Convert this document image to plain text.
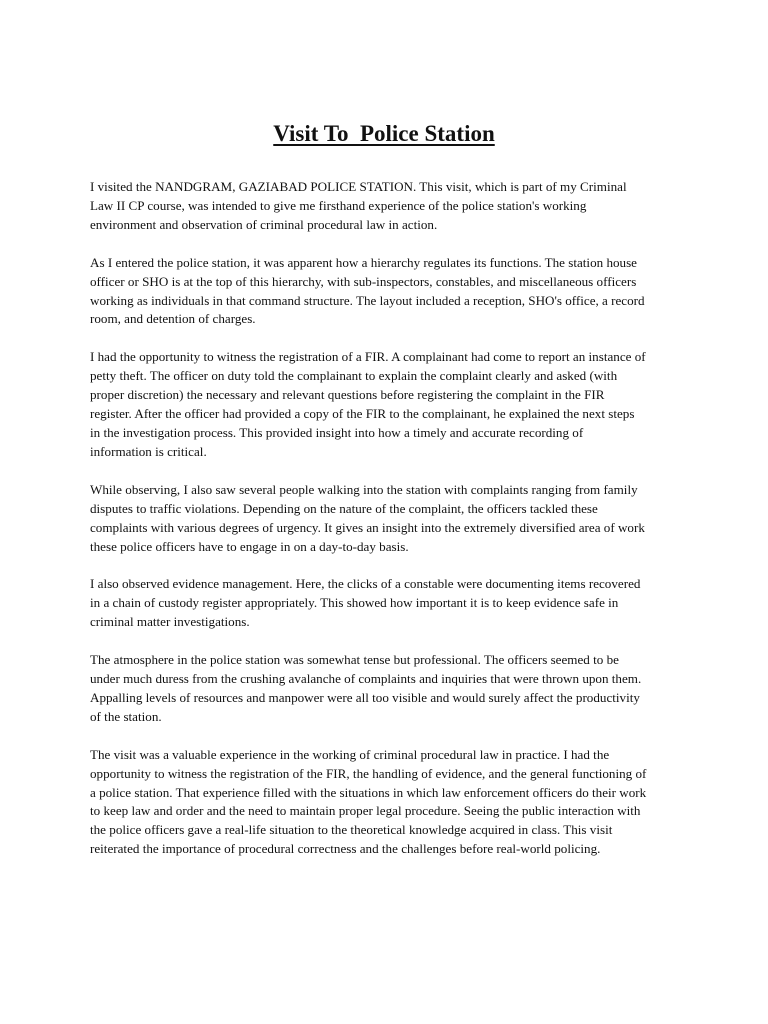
Visit To  Police Station

I visited the NANDGRAM, GAZIABAD POLICE STATION. This visit, which is part of my Criminal
Law II CP course, was intended to give me firsthand experience of the police station's working
environment and observation of criminal procedural law in action.

As I entered the police station, it was apparent how a hierarchy regulates its functions. The station house
officer or SHO is at the top of this hierarchy, with sub-inspectors, constables, and miscellaneous officers
working as individuals in that command structure. The layout included a reception, SHO's office, a record
room, and detention of charges.

I had the opportunity to witness the registration of a FIR. A complainant had come to report an instance of
petty theft. The officer on duty told the complainant to explain the complaint clearly and asked (with
proper discretion) the necessary and relevant questions before registering the complaint in the FIR
register. After the officer had provided a copy of the FIR to the complainant, he explained the next steps
in the investigation process. This provided insight into how a timely and accurate recording of
information is critical.

While observing, I also saw several people walking into the station with complaints ranging from family
disputes to traffic violations. Depending on the nature of the complaint, the officers tackled these
complaints with various degrees of urgency. It gives an insight into the extremely diversified area of work
these police officers have to engage in on a day-to-day basis.

I also observed evidence management. Here, the clicks of a constable were documenting items recovered
in a chain of custody register appropriately. This showed how important it is to keep evidence safe in
criminal matter investigations.

The atmosphere in the police station was somewhat tense but professional. The officers seemed to be
under much duress from the crushing avalanche of complaints and inquiries that were thrown upon them.
Appalling levels of resources and manpower were all too visible and would surely affect the productivity
of the station.

The visit was a valuable experience in the working of criminal procedural law in practice. I had the
opportunity to witness the registration of the FIR, the handling of evidence, and the general functioning of
a police station. That experience filled with the situations in which law enforcement officers do their work
to keep law and order and the need to maintain proper legal procedure. Seeing the public interaction with
the police officers gave a real-life situation to the theoretical knowledge acquired in class. This visit
reiterated the importance of procedural correctness and the challenges before real-world policing.
